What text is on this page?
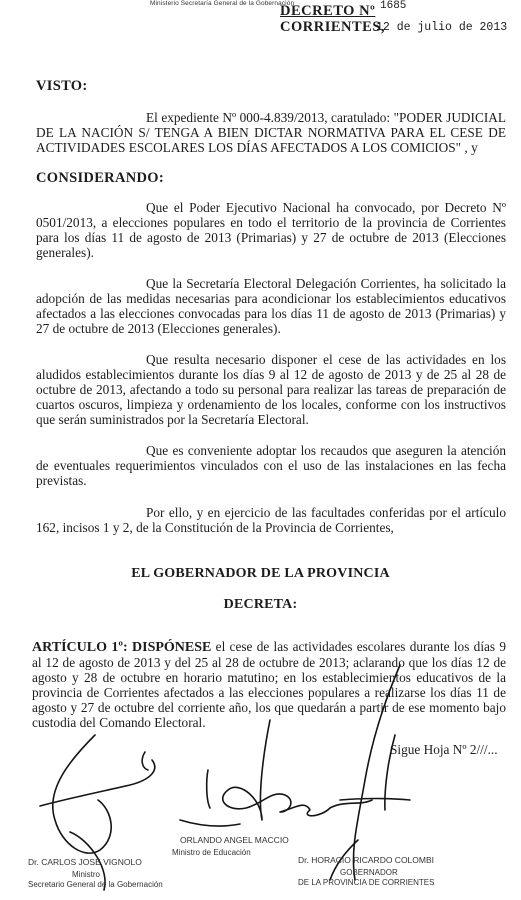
Ministerio Secretaría General de la Gobernación
DECRETO Nº 1685
CORRIENTES,
12 de julio de 2013
VISTO:
El expediente Nº 000-4.839/2013, caratulado: "PODER JUDICIAL DE LA NACIÓN S/ TENGA A BIEN DICTAR NORMATIVA PARA EL CESE DE ACTIVIDADES ESCOLARES LOS DÍAS AFECTADOS A LOS COMICIOS" , y
CONSIDERANDO:
Que el Poder Ejecutivo Nacional ha convocado, por Decreto Nº 0501/2013, a elecciones populares en todo el territorio de la provincia de Corrientes para los días 11 de agosto de 2013 (Primarias) y 27 de octubre de 2013 (Elecciones generales).
Que la Secretaría Electoral Delegación Corrientes, ha solicitado la adopción de las medidas necesarias para acondicionar los establecimientos educativos afectados a las elecciones convocadas para los días 11 de agosto de 2013 (Primarias) y 27 de octubre de 2013 (Elecciones generales).
Que resulta necesario disponer el cese de las actividades en los aludidos establecimientos durante los días 9 al 12 de agosto de 2013 y de 25 al 28 de octubre de 2013, afectando a todo su personal para realizar las tareas de preparación de cuartos oscuros, limpieza y ordenamiento de los locales, conforme con los instructivos que serán suministrados por la Secretaría Electoral.
Que es conveniente adoptar los recaudos que aseguren la atención de eventuales requerimientos vinculados con el uso de las instalaciones en las fecha previstas.
Por ello, y en ejercicio de las facultades conferidas por el artículo 162, incisos 1 y 2, de la Constitución de la Provincia de Corrientes,
EL GOBERNADOR DE LA PROVINCIA
DECRETA:
ARTÍCULO 1º: DISPÓNESE el cese de las actividades escolares durante los días 9 al 12 de agosto de 2013 y del 25 al 28 de octubre de 2013; aclarando que los días 12 de agosto y 28 de octubre en horario matutino; en los establecimientos educativos de la provincia de Corrientes afectados a las elecciones populares a realizarse los días 11 de agosto y 27 de octubre del corriente año, los que quedarán a partir de ese momento bajo custodia del Comando Electoral.
Sigue Hoja Nº 2///...
Dr. CARLOS JOSE VIGNOLO
Ministro
Secretario General de la Gobernación
ORLANDO ANGEL MACCIO
Ministro de Educación
Dr. HORACIO RICARDO COLOMBI
GOBERNADOR
DE LA PROVINCIA DE CORRIENTES
